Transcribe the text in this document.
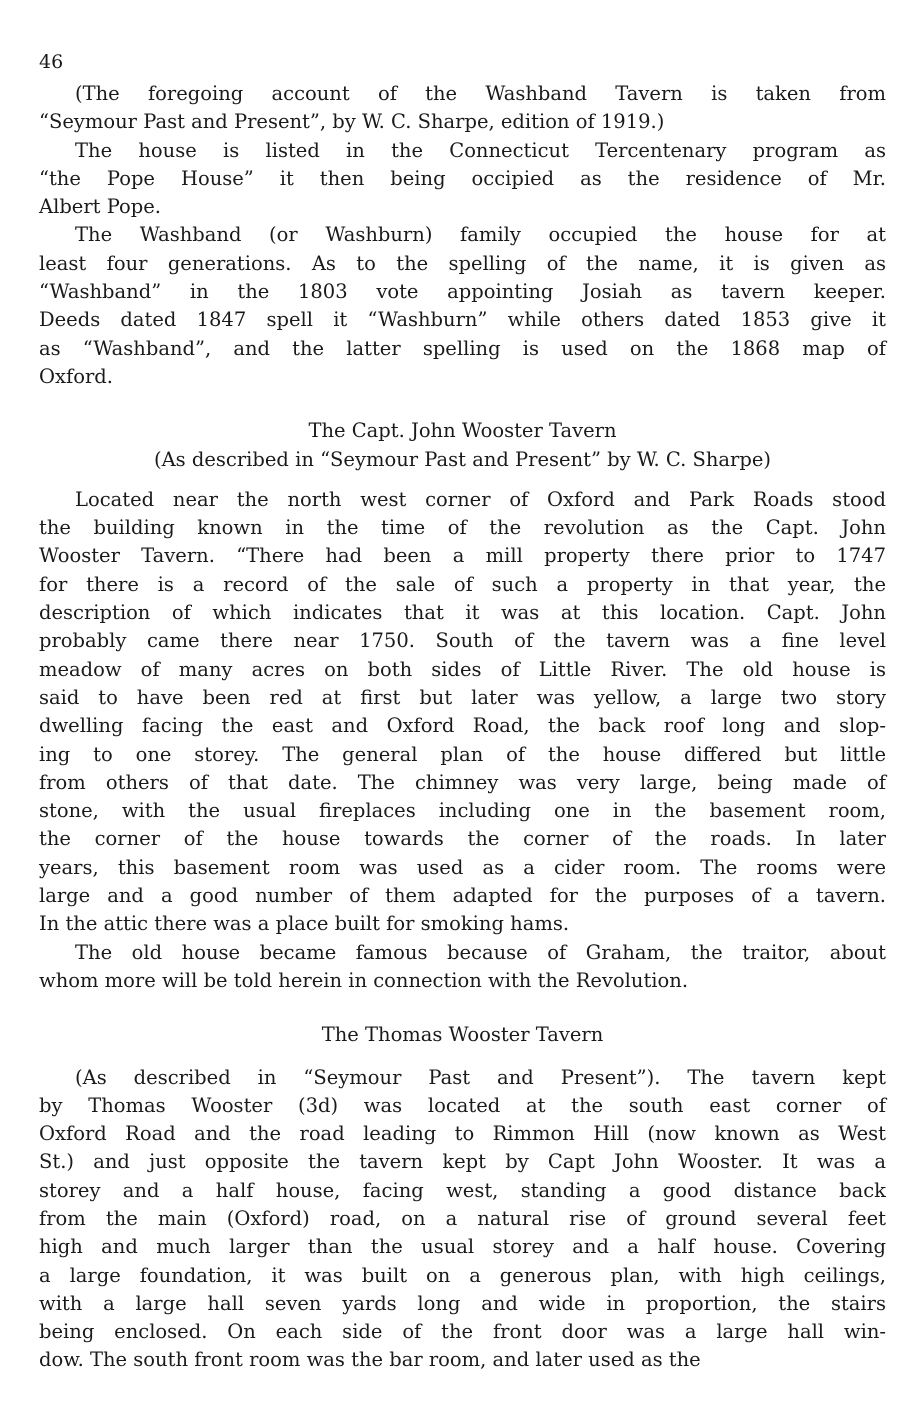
46
(The foregoing account of the Washband Tavern is taken from
“Seymour Past and Present”, by W. C. Sharpe, edition of 1919.)
The house is listed in the Connecticut Tercentenary program as
“the Pope House” it then being occipied as the residence of Mr.
Albert Pope.
The Washband (or Washburn) family occupied the house for at
least four generations. As to the spelling of the name, it is given as
“Washband” in the 1803 vote appointing Josiah as tavern keeper.
Deeds dated 1847 spell it “Washburn” while others dated 1853 give it
as “Washband”, and the latter spelling is used on the 1868 map of
Oxford.
The Capt. John Wooster Tavern
(As described in “Seymour Past and Present” by W. C. Sharpe)
Located near the north west corner of Oxford and Park Roads stood
the building known in the time of the revolution as the Capt. John
Wooster Tavern. “There had been a mill property there prior to 1747
for there is a record of the sale of such a property in that year, the
description of which indicates that it was at this location. Capt. John
probably came there near 1750. South of the tavern was a fine level
meadow of many acres on both sides of Little River. The old house is
said to have been red at first but later was yellow, a large two story
dwelling facing the east and Oxford Road, the back roof long and slop-
ing to one storey. The general plan of the house differed but little
from others of that date. The chimney was very large, being made of
stone, with the usual fireplaces including one in the basement room,
the corner of the house towards the corner of the roads. In later
years, this basement room was used as a cider room. The rooms were
large and a good number of them adapted for the purposes of a tavern.
In the attic there was a place built for smoking hams.
The old house became famous because of Graham, the traitor, about
whom more will be told herein in connection with the Revolution.
The Thomas Wooster Tavern
(As described in “Seymour Past and Present”). The tavern kept
by Thomas Wooster (3d) was located at the south east corner of
Oxford Road and the road leading to Rimmon Hill (now known as West
St.) and just opposite the tavern kept by Capt John Wooster. It was a
storey and a half house, facing west, standing a good distance back
from the main (Oxford) road, on a natural rise of ground several feet
high and much larger than the usual storey and a half house. Covering
a large foundation, it was built on a generous plan, with high ceilings,
with a large hall seven yards long and wide in proportion, the stairs
being enclosed. On each side of the front door was a large hall win-
dow. The south front room was the bar room, and later used as the
